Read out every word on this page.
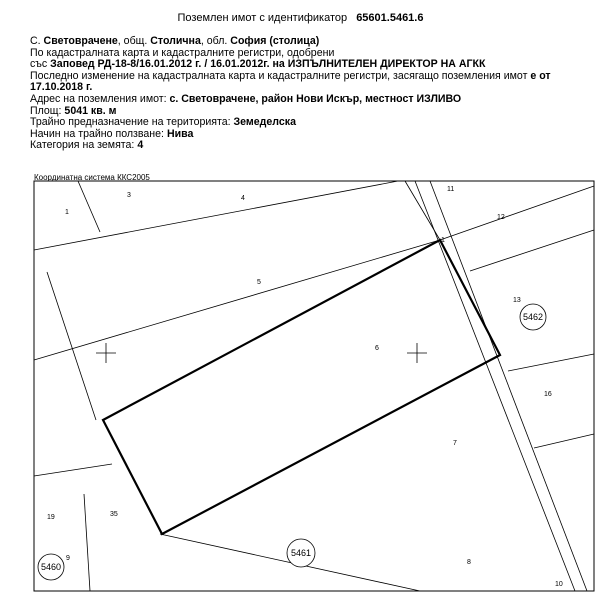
Поземлен имот с идентификатор 65601.5461.6
С. Световрачене, общ. Столична, обл. София (столица)
По кадастралната карта и кадастралните регистри, одобрени
със Заповед РД-18-8/16.01.2012 г. / 16.01.2012г. на ИЗПЪЛНИТЕЛЕН ДИРЕКТОР НА АГКК
Последно изменение на кадастралната карта и кадастралните регистри, засягащо поземления имот е от
17.10.2018 г.
Адрес на поземления имот: с. Световрачене, район Нови Искър, местност ИЗЛИВО
Площ: 5041 кв. м
Трайно предназначение на територията: Земеделска
Начин на трайно ползване: Нива
Категория на земята: 4
Координатна система ККС2005
1
3	4
5
6
7
8
9
10
11
12
13
16
19	35
1
5462
5461
5460
